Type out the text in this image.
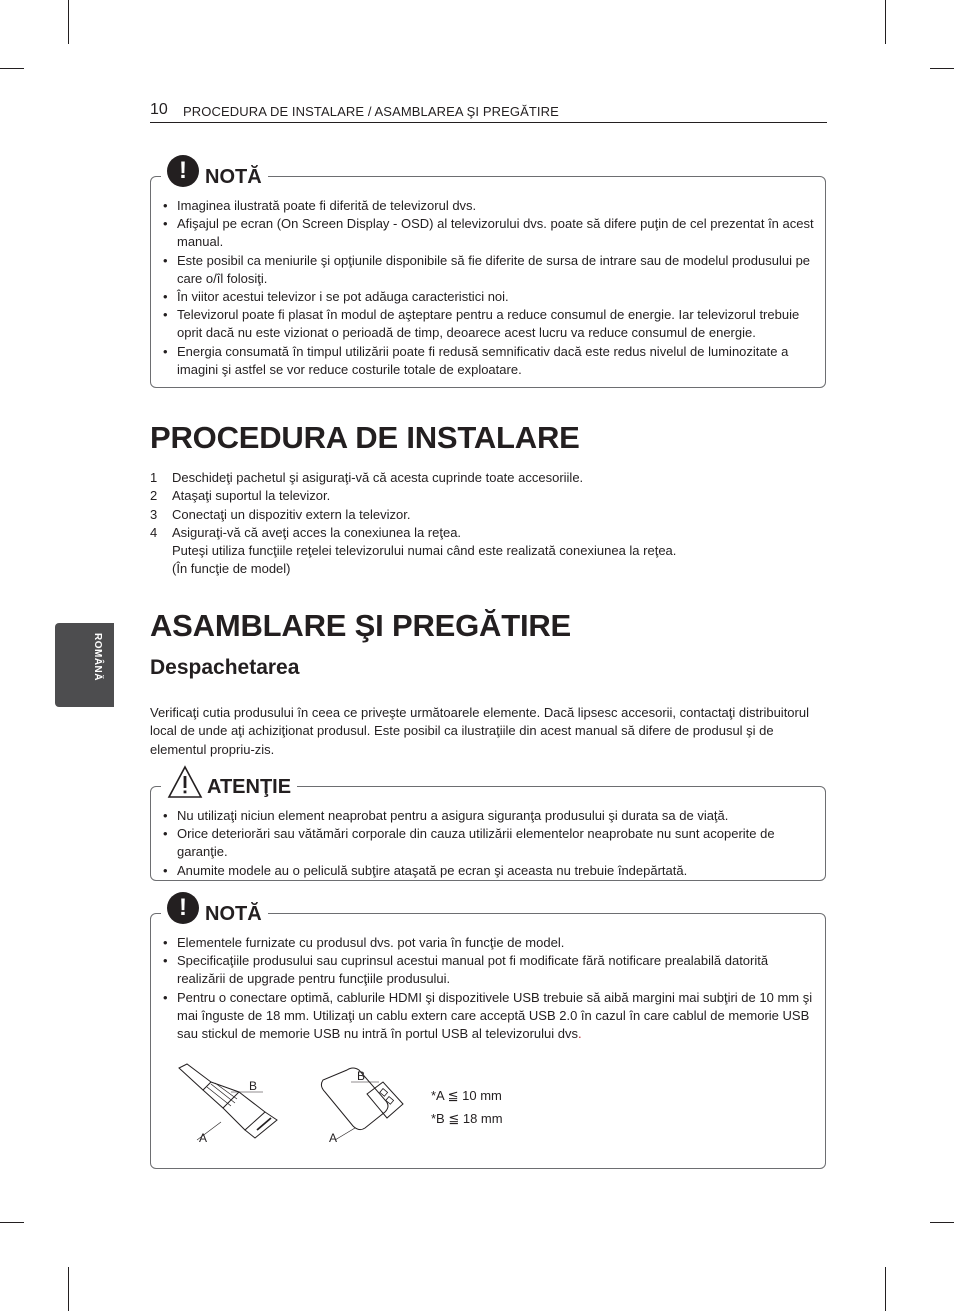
10 PROCEDURA DE INSTALARE / ASAMBLAREA ŞI PREGĂTIRE
ROMÂNĂ
! NOTĂ
• Imaginea ilustrată poate fi diferită de televizorul dvs.
• Afişajul pe ecran (On Screen Display - OSD) al televizorului dvs. poate să difere puţin de cel prezentat în acest manual.
• Este posibil ca meniurile şi opţiunile disponibile să fie diferite de sursa de intrare sau de modelul produsului pe care o/îl folosiţi.
• În viitor acestui televizor i se pot adăuga caracteristici noi.
• Televizorul poate fi plasat în modul de aşteptare pentru a reduce consumul de energie. Iar televizorul trebuie oprit dacă nu este vizionat o perioadă de timp, deoarece acest lucru va reduce consumul de energie.
• Energia consumată în timpul utilizării poate fi redusă semnificativ dacă este redus nivelul de luminozitate a imagini şi astfel se vor reduce costurile totale de exploatare.
PROCEDURA DE INSTALARE
1 Deschideţi pachetul şi asiguraţi-vă că acesta cuprinde toate accesoriile.
2 Ataşaţi suportul la televizor.
3 Conectaţi un dispozitiv extern la televizor.
4 Asiguraţi-vă că aveţi acces la conexiunea la reţea.
Puteşi utiliza funcţiile reţelei televizorului numai când este realizată conexiunea la reţea.
(În funcţie de model)
ASAMBLARE ŞI PREGĂTIRE
Despachetarea

Verificaţi cutia produsului în ceea ce priveşte următoarele elemente. Dacă lipsesc accesorii, contactaţi distribuitorul local de unde aţi achiziţionat produsul. Este posibil ca ilustraţiile din acest manual să difere de produsul şi de elementul propriu-zis.

ATENŢIE
• Nu utilizaţi niciun element neaprobat pentru a asigura siguranţa produsului şi durata sa de viaţă.
• Orice deteriorări sau vătămări corporale din cauza utilizării elementelor neaprobate nu sunt acoperite de garanţie.
• Anumite modele au o peliculă subţire ataşată pe ecran şi aceasta nu trebuie îndepărtată.
! NOTĂ
• Elementele furnizate cu produsul dvs. pot varia în funcţie de model.
• Specificaţiile produsului sau cuprinsul acestui manual pot fi modificate fără notificare prealabilă datorită realizării de upgrade pentru funcţiile produsului.
• Pentru o conectare optimă, cablurile HDMI şi dispozitivele USB trebuie să aibă margini mai subţiri de 10 mm şi mai înguste de 18 mm. Utilizaţi un cablu extern care acceptă USB 2.0 în cazul în care cablul de memorie USB sau stickul de memorie USB nu intră în portul USB al televizorului dvs.
A
B
A
B
*A ≦ 10 mm
*B ≦ 18 mm
